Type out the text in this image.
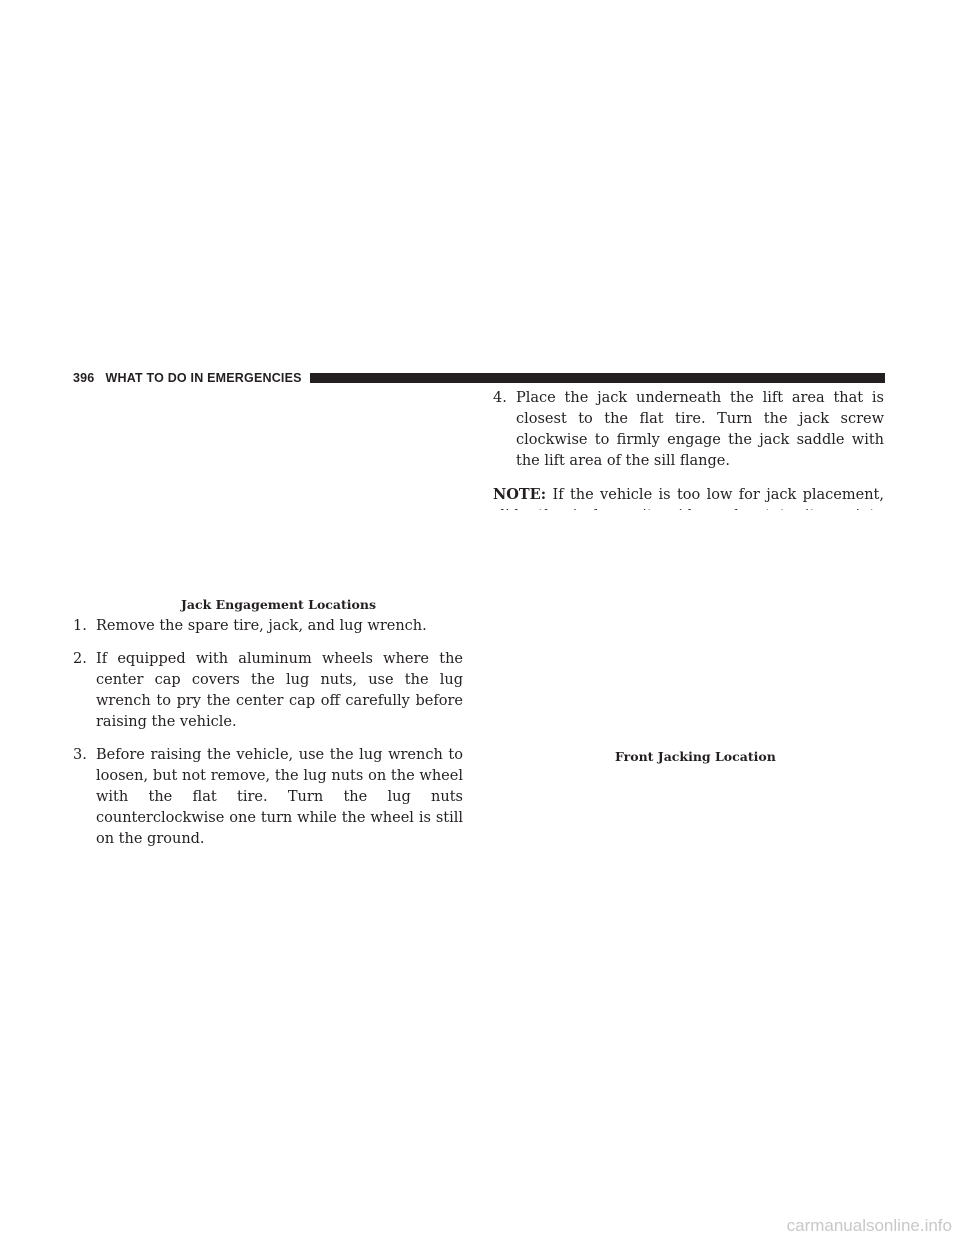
396 WHAT TO DO IN EMERGENCIES
Jack Engagement Locations
1. Remove the spare tire, jack, and lug wrench.
2. If equipped with aluminum wheels where the center cap covers the lug nuts, use the lug wrench to pry the center cap off carefully before raising the vehicle.
3. Before raising the vehicle, use the lug wrench to loosen, but not remove, the lug nuts on the wheel with the flat tire. Turn the lug nuts counterclockwise one turn while the wheel is still on the ground.
4. Place the jack underneath the lift area that is closest to the flat tire. Turn the jack screw clockwise to firmly engage the jack saddle with the lift area of the sill flange.

NOTE: If the vehicle is too low for jack placement,

Front Jacking Location
carmanualsonline.info
